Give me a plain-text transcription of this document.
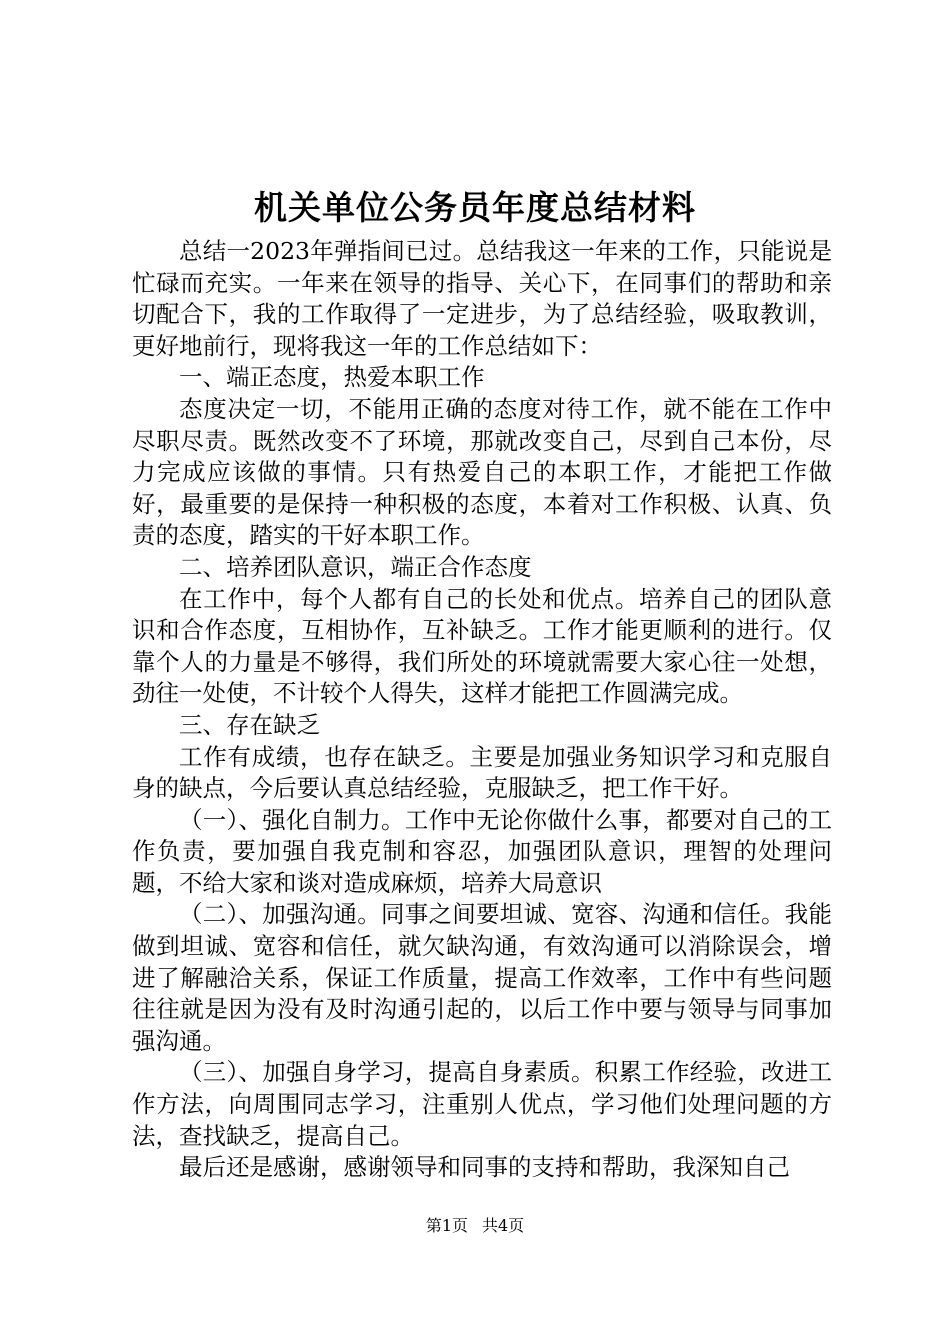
机关单位公务员年度总结材料

总结一2023年弹指间已过。总结我这一年来的工作，只能说是忙碌而充实。一年来在领导的指导、关心下，在同事们的帮助和亲切配合下，我的工作取得了一定进步，为了总结经验，吸取教训，更好地前行，现将我这一年的工作总结如下：

一、端正态度，热爱本职工作

态度决定一切，不能用正确的态度对待工作，就不能在工作中尽职尽责。既然改变不了环境，那就改变自己，尽到自己本份，尽力完成应该做的事情。只有热爱自己的本职工作，才能把工作做好，最重要的是保持一种积极的态度，本着对工作积极、认真、负责的态度，踏实的干好本职工作。

二、培养团队意识，端正合作态度

在工作中，每个人都有自己的长处和优点。培养自己的团队意识和合作态度，互相协作，互补缺乏。工作才能更顺利的进行。仅靠个人的力量是不够得，我们所处的环境就需要大家心往一处想，劲往一处使，不计较个人得失，这样才能把工作圆满完成。

三、存在缺乏

工作有成绩，也存在缺乏。主要是加强业务知识学习和克服自身的缺点，今后要认真总结经验，克服缺乏，把工作干好。

（一）、强化自制力。工作中无论你做什么事，都要对自己的工作负责，要加强自我克制和容忍，加强团队意识，理智的处理问题，不给大家和谈对造成麻烦，培养大局意识

（二）、加强沟通。同事之间要坦诚、宽容、沟通和信任。我能做到坦诚、宽容和信任，就欠缺沟通，有效沟通可以消除误会，增进了解融洽关系，保证工作质量，提高工作效率，工作中有些问题往往就是因为没有及时沟通引起的，以后工作中要与领导与同事加强沟通。

（三）、加强自身学习，提高自身素质。积累工作经验，改进工作方法，向周围同志学习，注重别人优点，学习他们处理问题的方法，查找缺乏，提高自己。

最后还是感谢，感谢领导和同事的支持和帮助，我深知自己

第1页 共4页
